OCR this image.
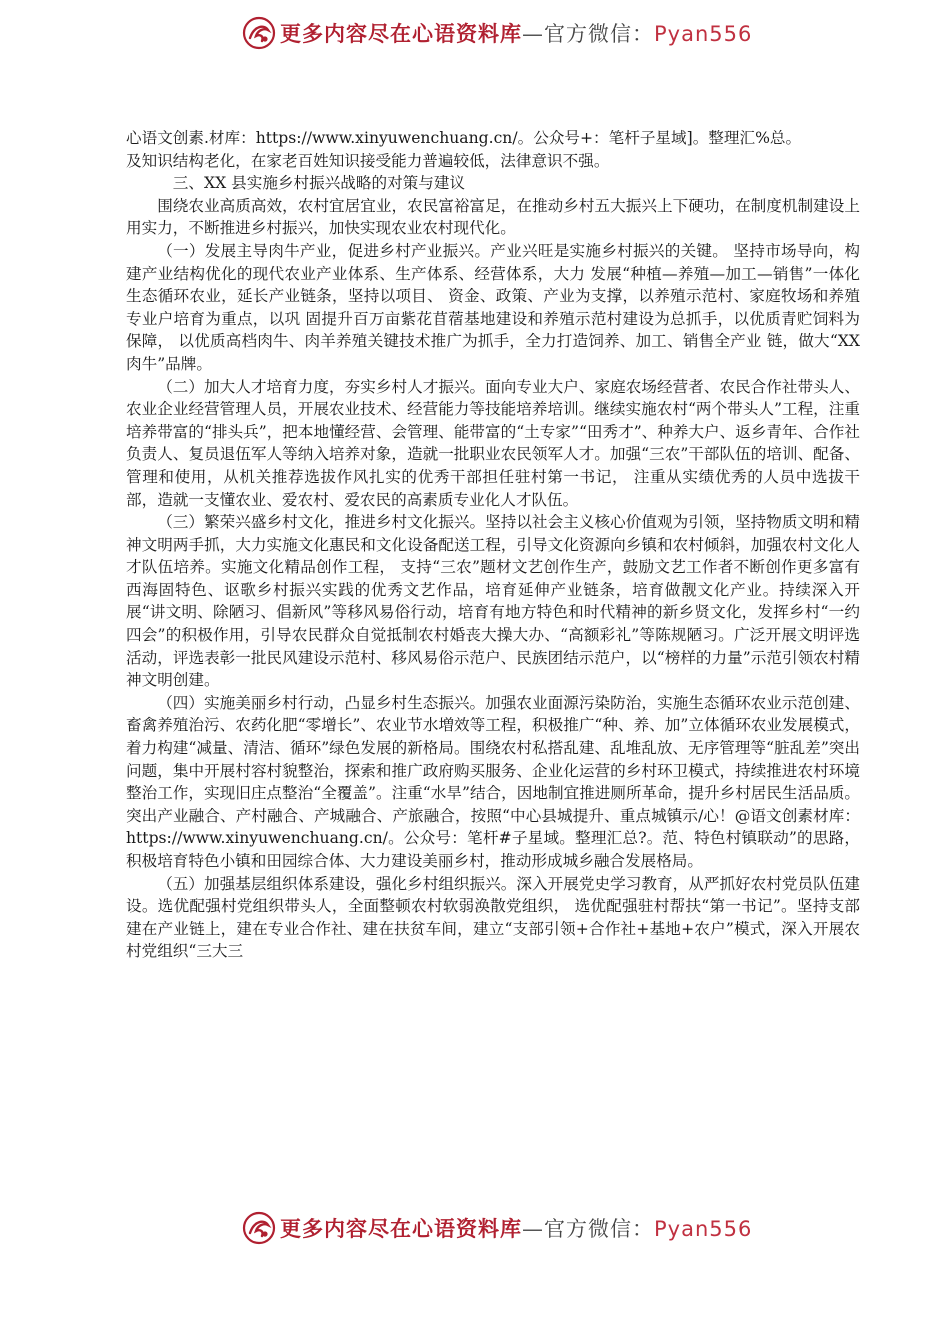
更多内容尽在心语资料库—官方微信：Pyan556

心语文创素.材库：https://www.xinyuwenchuang.cn/。公众号+：笔杆子星域]。整理汇%总。

及知识结构老化，在家老百姓知识接受能力普遍较低，法律意识不强。

三、XX 县实施乡村振兴战略的对策与建议

围绕农业高质高效，农村宜居宜业，农民富裕富足，在推动乡村五大振兴上下硬功，在制度机制建设上用实力，不断推进乡村振兴，加快实现农业农村现代化。

（一）发展主导肉牛产业，促进乡村产业振兴。产业兴旺是实施乡村振兴的关键。 坚持市场导向，构建产业结构优化的现代农业产业体系、生产体系、经营体系，大力 发展“种植—养殖—加工—销售”一体化生态循环农业，延长产业链条，坚持以项目、 资金、政策、产业为支撑，以养殖示范村、家庭牧场和养殖专业户培育为重点，以巩 固提升百万亩紫花苜蓿基地建设和养殖示范村建设为总抓手，以优质青贮饲料为保障， 以优质高档肉牛、肉羊养殖关键技术推广为抓手，全力打造饲养、加工、销售全产业 链，做大“XX 肉牛”品牌。

（二）加大人才培育力度，夯实乡村人才振兴。面向专业大户、家庭农场经营者、农民合作社带头人、农业企业经营管理人员，开展农业技术、经营能力等技能培养培训。继续实施农村“两个带头人”工程，注重培养带富的“排头兵”，把本地懂经营、会管理、能带富的“土专家”“田秀才”、种养大户、返乡青年、合作社负责人、复员退伍军人等纳入培养对象，造就一批职业农民领军人才。加强“三农”干部队伍的培训、配备、管理和使用，从机关推荐选拔作风扎实的优秀干部担任驻村第一书记， 注重从实绩优秀的人员中选拔干部，造就一支懂农业、爱农村、爱农民的高素质专业化人才队伍。

（三）繁荣兴盛乡村文化，推进乡村文化振兴。坚持以社会主义核心价值观为引领，坚持物质文明和精神文明两手抓，大力实施文化惠民和文化设备配送工程，引导文化资源向乡镇和农村倾斜，加强农村文化人才队伍培养。实施文化精品创作工程， 支持“三农”题材文艺创作生产，鼓励文艺工作者不断创作更多富有西海固特色、讴歌乡村振兴实践的优秀文艺作品，培育延伸产业链条，培育做靓文化产业。持续深入开展“讲文明、除陋习、倡新风”等移风易俗行动，培育有地方特色和时代精神的新乡贤文化，发挥乡村“一约四会”的积极作用，引导农民群众自觉抵制农村婚丧大操大办、“高额彩礼”等陈规陋习。广泛开展文明评选活动，评选表彰一批民风建设示范村、移风易俗示范户、民族团结示范户，以“榜样的力量”示范引领农村精神文明创建。

（四）实施美丽乡村行动，凸显乡村生态振兴。加强农业面源污染防治，实施生态循环农业示范创建、畜禽养殖治污、农药化肥“零增长”、农业节水増效等工程，积极推广“种、养、加”立体循环农业发展模式，着力构建“减量、清洁、循环”绿色发展的新格局。围绕农村私搭乱建、乱堆乱放、无序管理等“脏乱差”突出问题，集中开展村容村貌整治，探索和推广政府购买服务、企业化运营的乡村环卫模式，持续推进农村环境整治工作，实现旧庄点整治“全覆盖”。注重“水旱”结合，因地制宜推进厕所革命，提升乡村居民生活品质。突出产业融合、产村融合、产城融合、产旅融合，按照“中心县城提升、重点城镇示/心！@语文创素材库：https://www.xinyuwenchuang.cn/。公众号：笔杆#子星域。整理汇总?。范、特色村镇联动”的思路，积极培育特色小镇和田园综合体、大力建设美丽乡村，推动形成城乡融合发展格局。

（五）加强基层组织体系建设，强化乡村组织振兴。深入开展党史学习教育，从严抓好农村党员队伍建设。选优配强村党组织带头人，全面整顿农村软弱涣散党组织， 选优配强驻村帮扶“第一书记”。坚持支部建在产业链上，建在专业合作社、建在扶贫车间，建立“支部引领+合作社+基地+农户”模式，深入开展农村党组织“三大三

更多内容尽在心语资料库—官方微信：Pyan556
